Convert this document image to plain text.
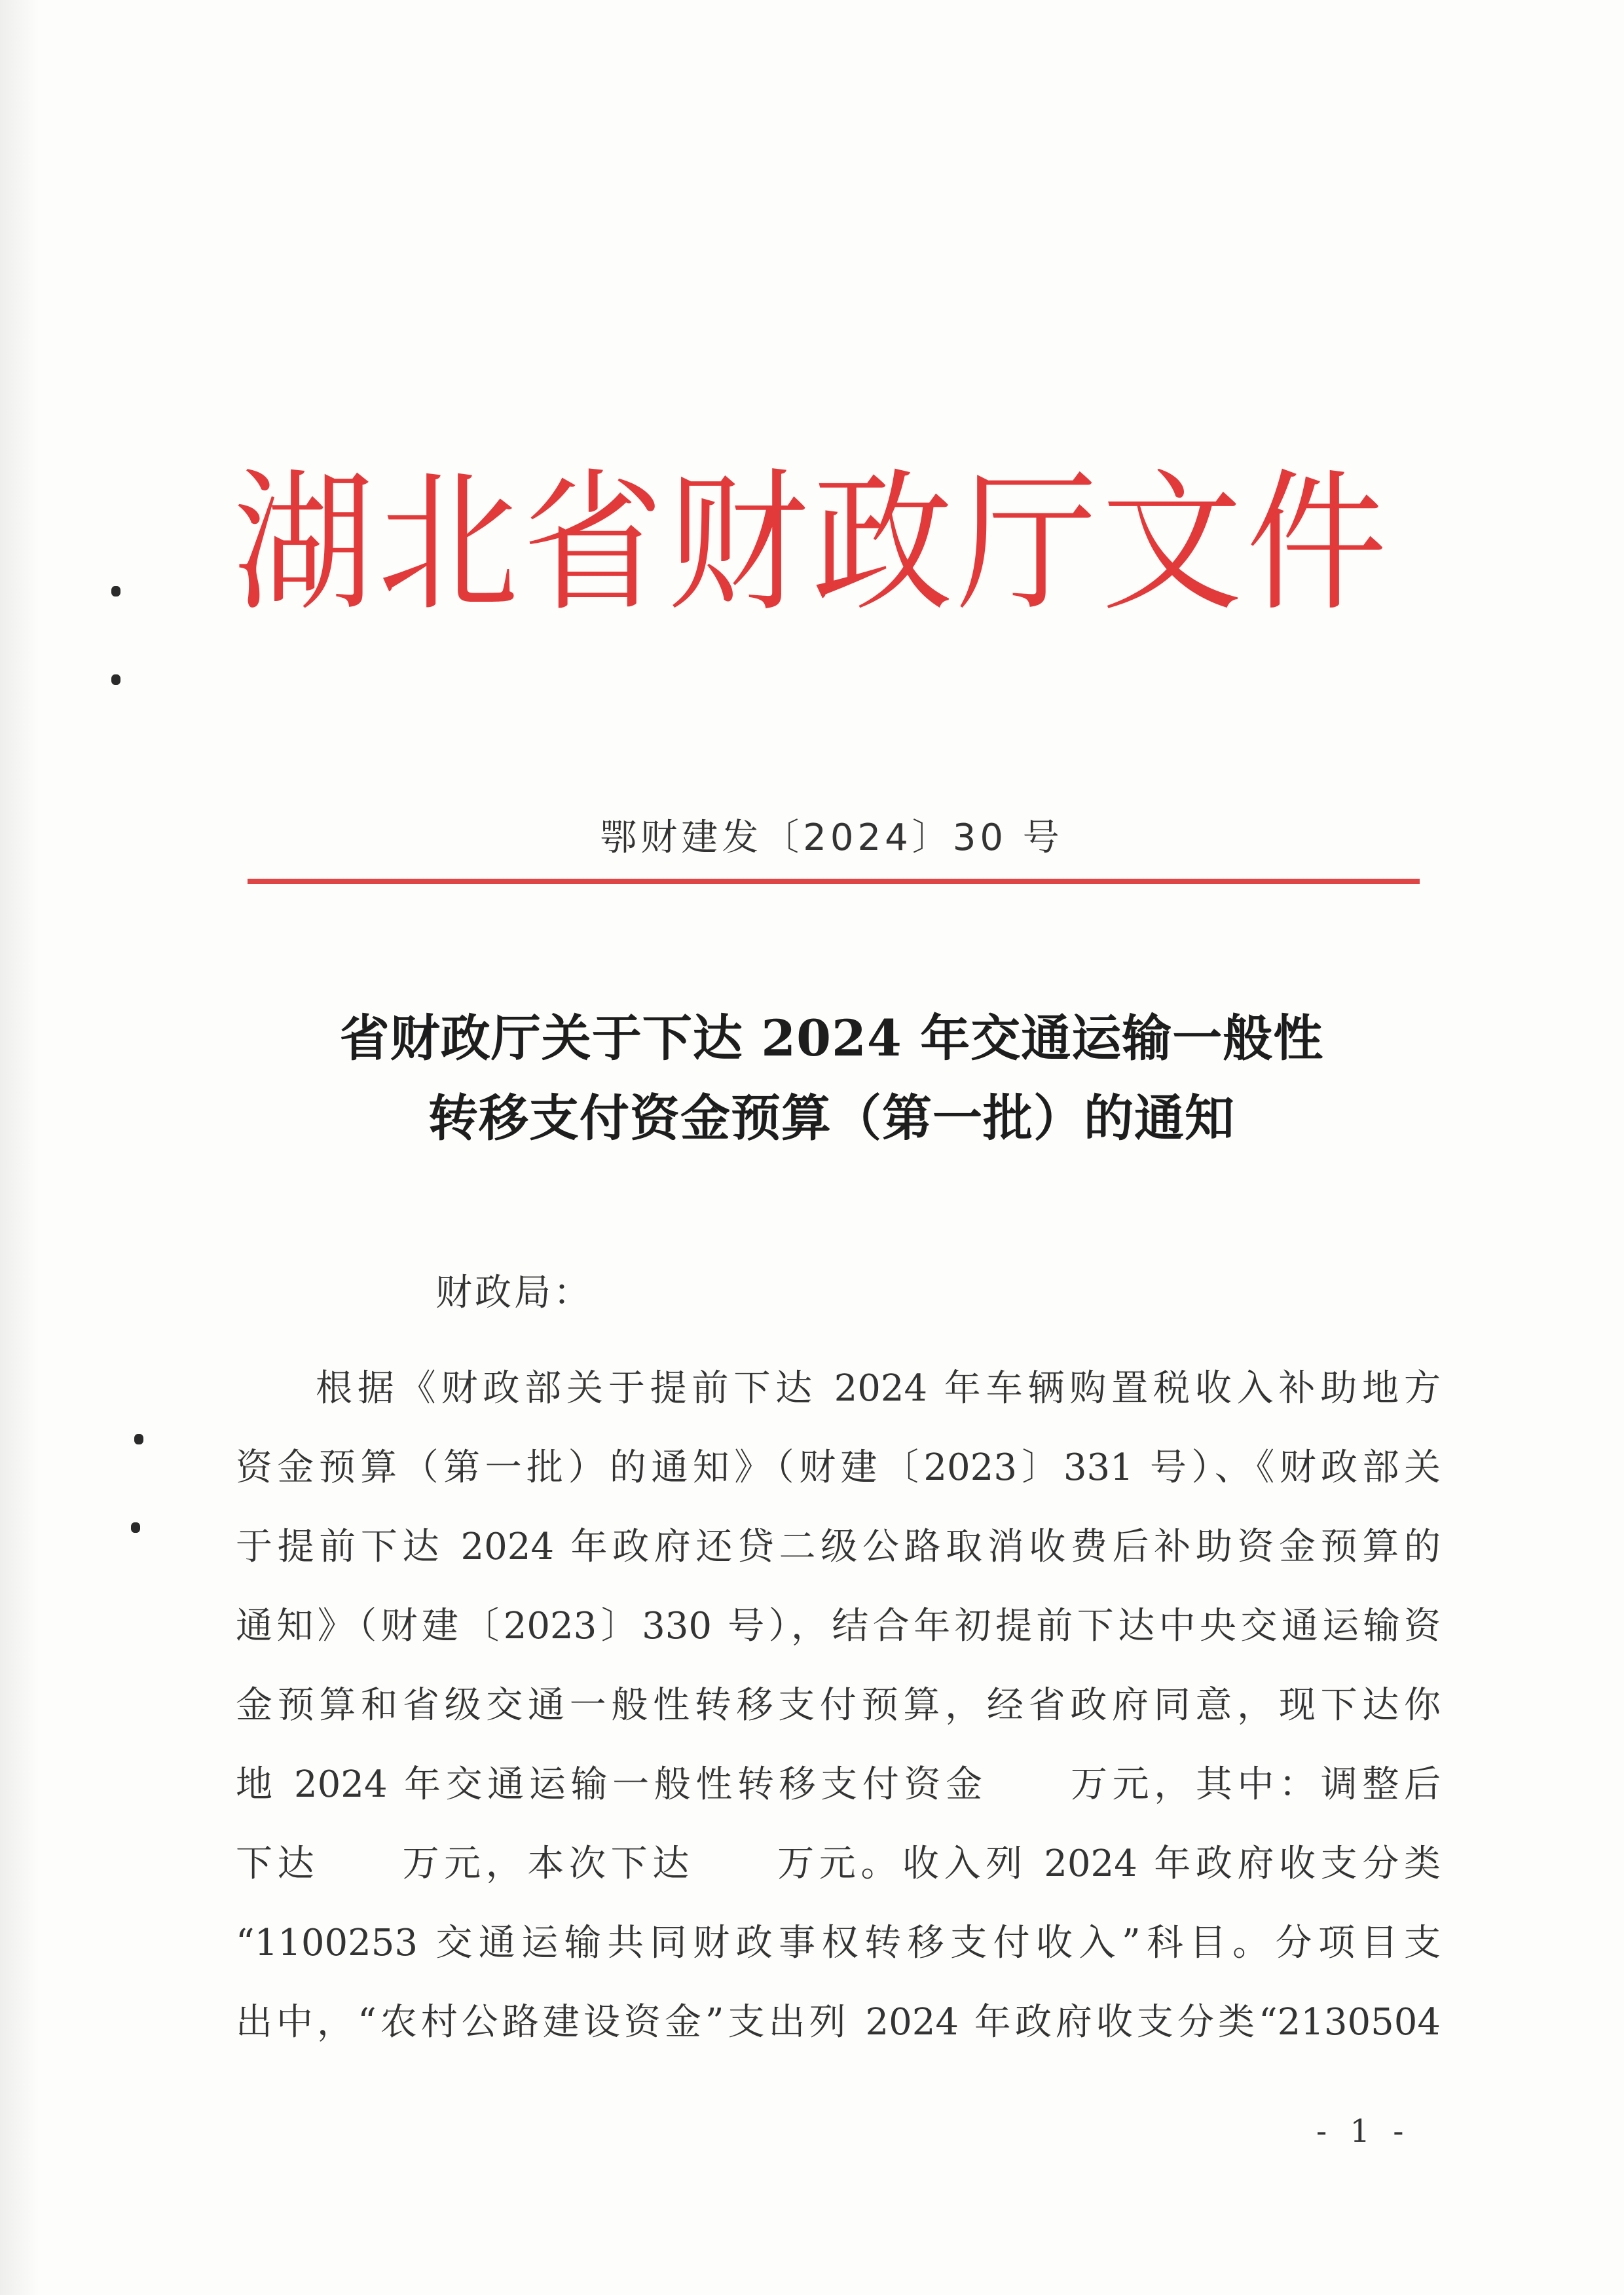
湖北省财政厅文件
鄂财建发〔2024〕30 号
省财政厅关于下达 2024 年交通运输一般性
转移支付资金预算（第一批）的通知
财政局：
根据《财政部关于提前下达 2024 年车辆购置税收入补助地方
资金预算（第一批）的通知》（财建〔2023〕331 号）、《财政部关
于提前下达 2024 年政府还贷二级公路取消收费后补助资金预算的
通知》（财建〔2023〕330 号），结合年初提前下达中央交通运输资
金预算和省级交通一般性转移支付预算，经省政府同意，现下达你
地 2024 年交通运输一般性转移支付资金　　万元，其中：调整后
下达　　万元，本次下达　　万元。收入列 2024 年政府收支分类
“1100253 交通运输共同财政事权转移支付收入”科目。分项目支
出中，“农村公路建设资金”支出列 2024 年政府收支分类“2130504
- 1 -
